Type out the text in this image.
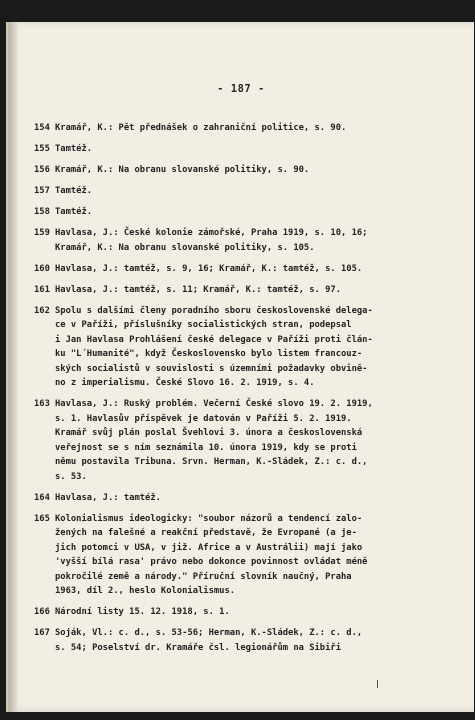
- 187 -
154 Kramář, K.: Pět přednášek o zahraniční politice, s. 90.
155 Tamtéž.
156 Kramář, K.: Na obranu slovanské politiky, s. 90.
157 Tamtéž.
158 Tamtéž.
159 Havlasa, J.: České kolonie zámořské, Praha 1919, s. 10, 16;
Kramář, K.: Na obranu slovanské politiky, s. 105.
160 Havlasa, J.: tamtéž, s. 9, 16; Kramář, K.: tamtéž, s. 105.
161 Havlasa, J.: tamtéž, s. 11; Kramář, K.: tamtéž, s. 97.
162 Spolu s dalšími členy poradního sboru československé delega-
ce v Paříži, příslušníky socialistických stran, podepsal
i Jan Havlasa Prohlášení české delegace v Paříži proti člán-
ku "L´Humanité", když Československo bylo listem francouz-
ských socialistů v souvislosti s územními požadavky obvině-
no z imperialismu. České Slovo 16. 2. 1919, s. 4.
163 Havlasa, J.: Ruský problém. Večerní České slovo 19. 2. 1919,
s. 1. Havlasův příspěvek je datován v Paříži 5. 2. 1919.
Kramář svůj plán poslal Švehlovi 3. února a československá
veřejnost se s ním seznámila 10. února 1919, kdy se proti
němu postavila Tribuna. Srvn. Herman, K.-Sládek, Z.: c. d.,
s. 53.
164 Havlasa, J.: tamtéž.
165 Kolonialismus ideologicky: "soubor názorů a tendencí zalo-
žených na falešné a reakční představě, že Evropané (a je-
jich potomci v USA, v již. Africe a v Austrálii) mají jako
'vyšší bílá rasa' právo nebo dokonce povinnost ovládat méně
pokročilé země a národy." Příruční slovník naučný, Praha
1963, díl 2., heslo Kolonialismus.
166 Národní listy 15. 12. 1918, s. 1.
167 Soják, Vl.: c. d., s. 53-56; Herman, K.-Sládek, Z.: c. d.,
s. 54; Poselství dr. Kramáře čsl. legionářům na Sibiři
